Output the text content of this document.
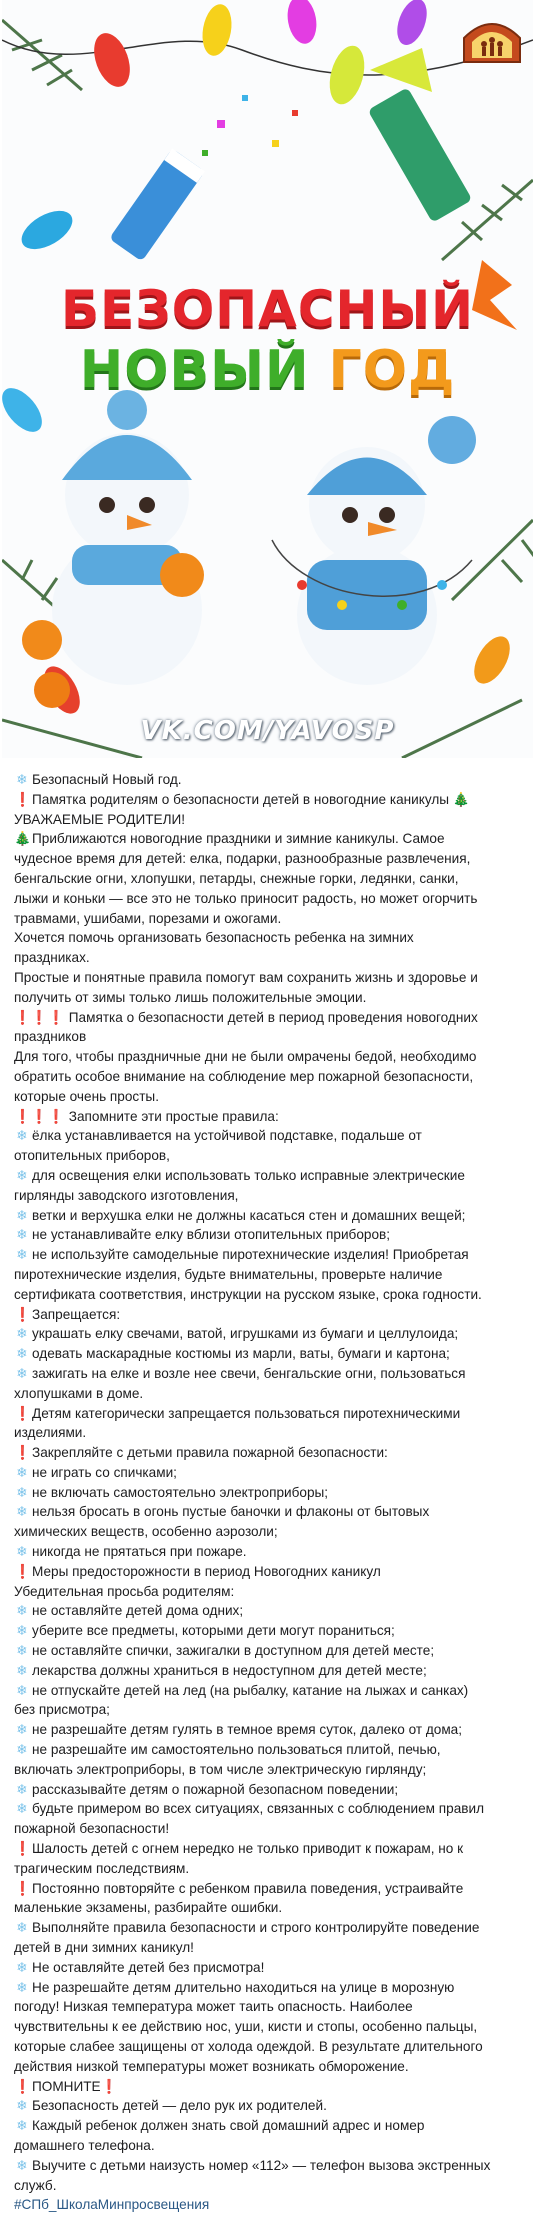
БЕЗОПАСНЫЙ
НОВЫЙ ГОД
VK.COM/YAVOSP
❄ Безопасный Новый год.
❗Памятка родителям о безопасности детей в новогодние каникулы 🎄
УВАЖАЕМЫЕ РОДИТЕЛИ!
🎄Приближаются новогодние праздники и зимние каникулы. Самое
чудесное время для детей: елка, подарки, разнообразные развлечения,
бенгальские огни, хлопушки, петарды, снежные горки, ледянки, санки,
лыжи и коньки — все это не только приносит радость, но может огорчить
травмами, ушибами, порезами и ожогами.
Хочется помочь организовать безопасность ребенка на зимних
праздниках.
Простые и понятные правила помогут вам сохранить жизнь и здоровье и
получить от зимы только лишь положительные эмоции.
❗❗❗ Памятка о безопасности детей в период проведения новогодних
праздников
Для того, чтобы праздничные дни не были омрачены бедой, необходимо
обратить особое внимание на соблюдение мер пожарной безопасности,
которые очень просты.
❗❗❗ Запомните эти простые правила:
❄ ёлка устанавливается на устойчивой подставке, подальше от
отопительных приборов,
❄ для освещения елки использовать только исправные электрические
гирлянды заводского изготовления,
❄ ветки и верхушка елки не должны касаться стен и домашних вещей;
❄ не устанавливайте елку вблизи отопительных приборов;
❄ не используйте самодельные пиротехнические изделия! Приобретая
пиротехнические изделия, будьте внимательны, проверьте наличие
сертификата соответствия, инструкции на русском языке, срока годности.
❗Запрещается:
❄ украшать елку свечами, ватой, игрушками из бумаги и целлулоида;
❄ одевать маскарадные костюмы из марли, ваты, бумаги и картона;
❄ зажигать на елке и возле нее свечи, бенгальские огни, пользоваться
хлопушками в доме.
❗Детям категорически запрещается пользоваться пиротехническими
изделиями.
❗Закрепляйте с детьми правила пожарной безопасности:
❄ не играть со спичками;
❄ не включать самостоятельно электроприборы;
❄ нельзя бросать в огонь пустые баночки и флаконы от бытовых
химических веществ, особенно аэрозоли;
❄ никогда не прятаться при пожаре.
❗Меры предосторожности в период Новогодних каникул
Убедительная просьба родителям:
❄ не оставляйте детей дома одних;
❄ уберите все предметы, которыми дети могут пораниться;
❄ не оставляйте спички, зажигалки в доступном для детей месте;
❄ лекарства должны храниться в недоступном для детей месте;
❄ не отпускайте детей на лед (на рыбалку, катание на лыжах и санках)
без присмотра;
❄ не разрешайте детям гулять в темное время суток, далеко от дома;
❄ не разрешайте им самостоятельно пользоваться плитой, печью,
включать электроприборы, в том числе электрическую гирлянду;
❄ рассказывайте детям о пожарной безопасном поведении;
❄ будьте примером во всех ситуациях, связанных с соблюдением правил
пожарной безопасности!
❗Шалость детей с огнем нередко не только приводит к пожарам, но к
трагическим последствиям.
❗Постоянно повторяйте с ребенком правила поведения, устраивайте
маленькие экзамены, разбирайте ошибки.
❄ Выполняйте правила безопасности и строго контролируйте поведение
детей в дни зимних каникул!
❄ Не оставляйте детей без присмотра!
❄ Не разрешайте детям длительно находиться на улице в морозную
погоду! Низкая температура может таить опасность. Наиболее
чувствительны к ее действию нос, уши, кисти и стопы, особенно пальцы,
которые слабее защищены от холода одеждой. В результате длительного
действия низкой температуры может возникать обморожение.
❗ПОМНИТЕ❗
❄ Безопасность детей — дело рук их родителей.
❄ Каждый ребенок должен знать свой домашний адрес и номер
домашнего телефона.
❄ Выучите с детьми наизусть номер «112» — телефон вызова экстренных
служб.
#СПб_ШколаМинпросвещения
